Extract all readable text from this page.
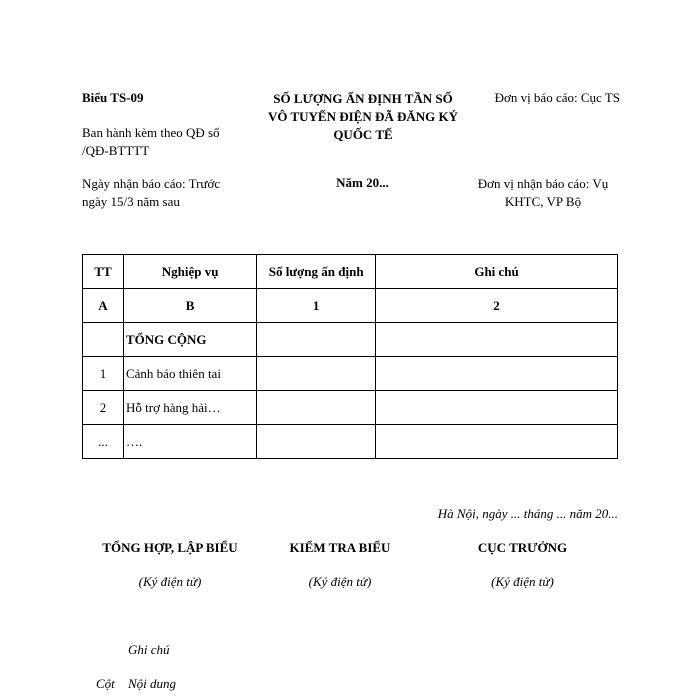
Biểu TS-09
Ban hành kèm theo QĐ số
/QĐ-BTTTT
Ngày nhận báo cáo: Trước
ngày 15/3 năm sau
SỐ LƯỢNG ẤN ĐỊNH TẦN SỐ
VÔ TUYẾN ĐIỆN ĐÃ ĐĂNG KÝ
QUỐC TẾ
Năm 20...
Đơn vị báo cáo: Cục TS
Đơn vị nhận báo cáo: Vụ
KHTC, VP Bộ
TT	Nghiệp vụ	Số lượng ấn định	Ghi chú
A	B	1	2
	TỔNG CỘNG		
1	Cảnh báo thiên tai		
2	Hỗ trợ hàng hải…		
...	….		
Hà Nội, ngày ... tháng ... năm 20...
TỔNG HỢP, LẬP BIỂU
(Ký điện tử)
KIỂM TRA BIỂU
(Ký điện tử)
CỤC TRƯỞNG
(Ký điện tử)
Ghi chú
Cột Nội dung
